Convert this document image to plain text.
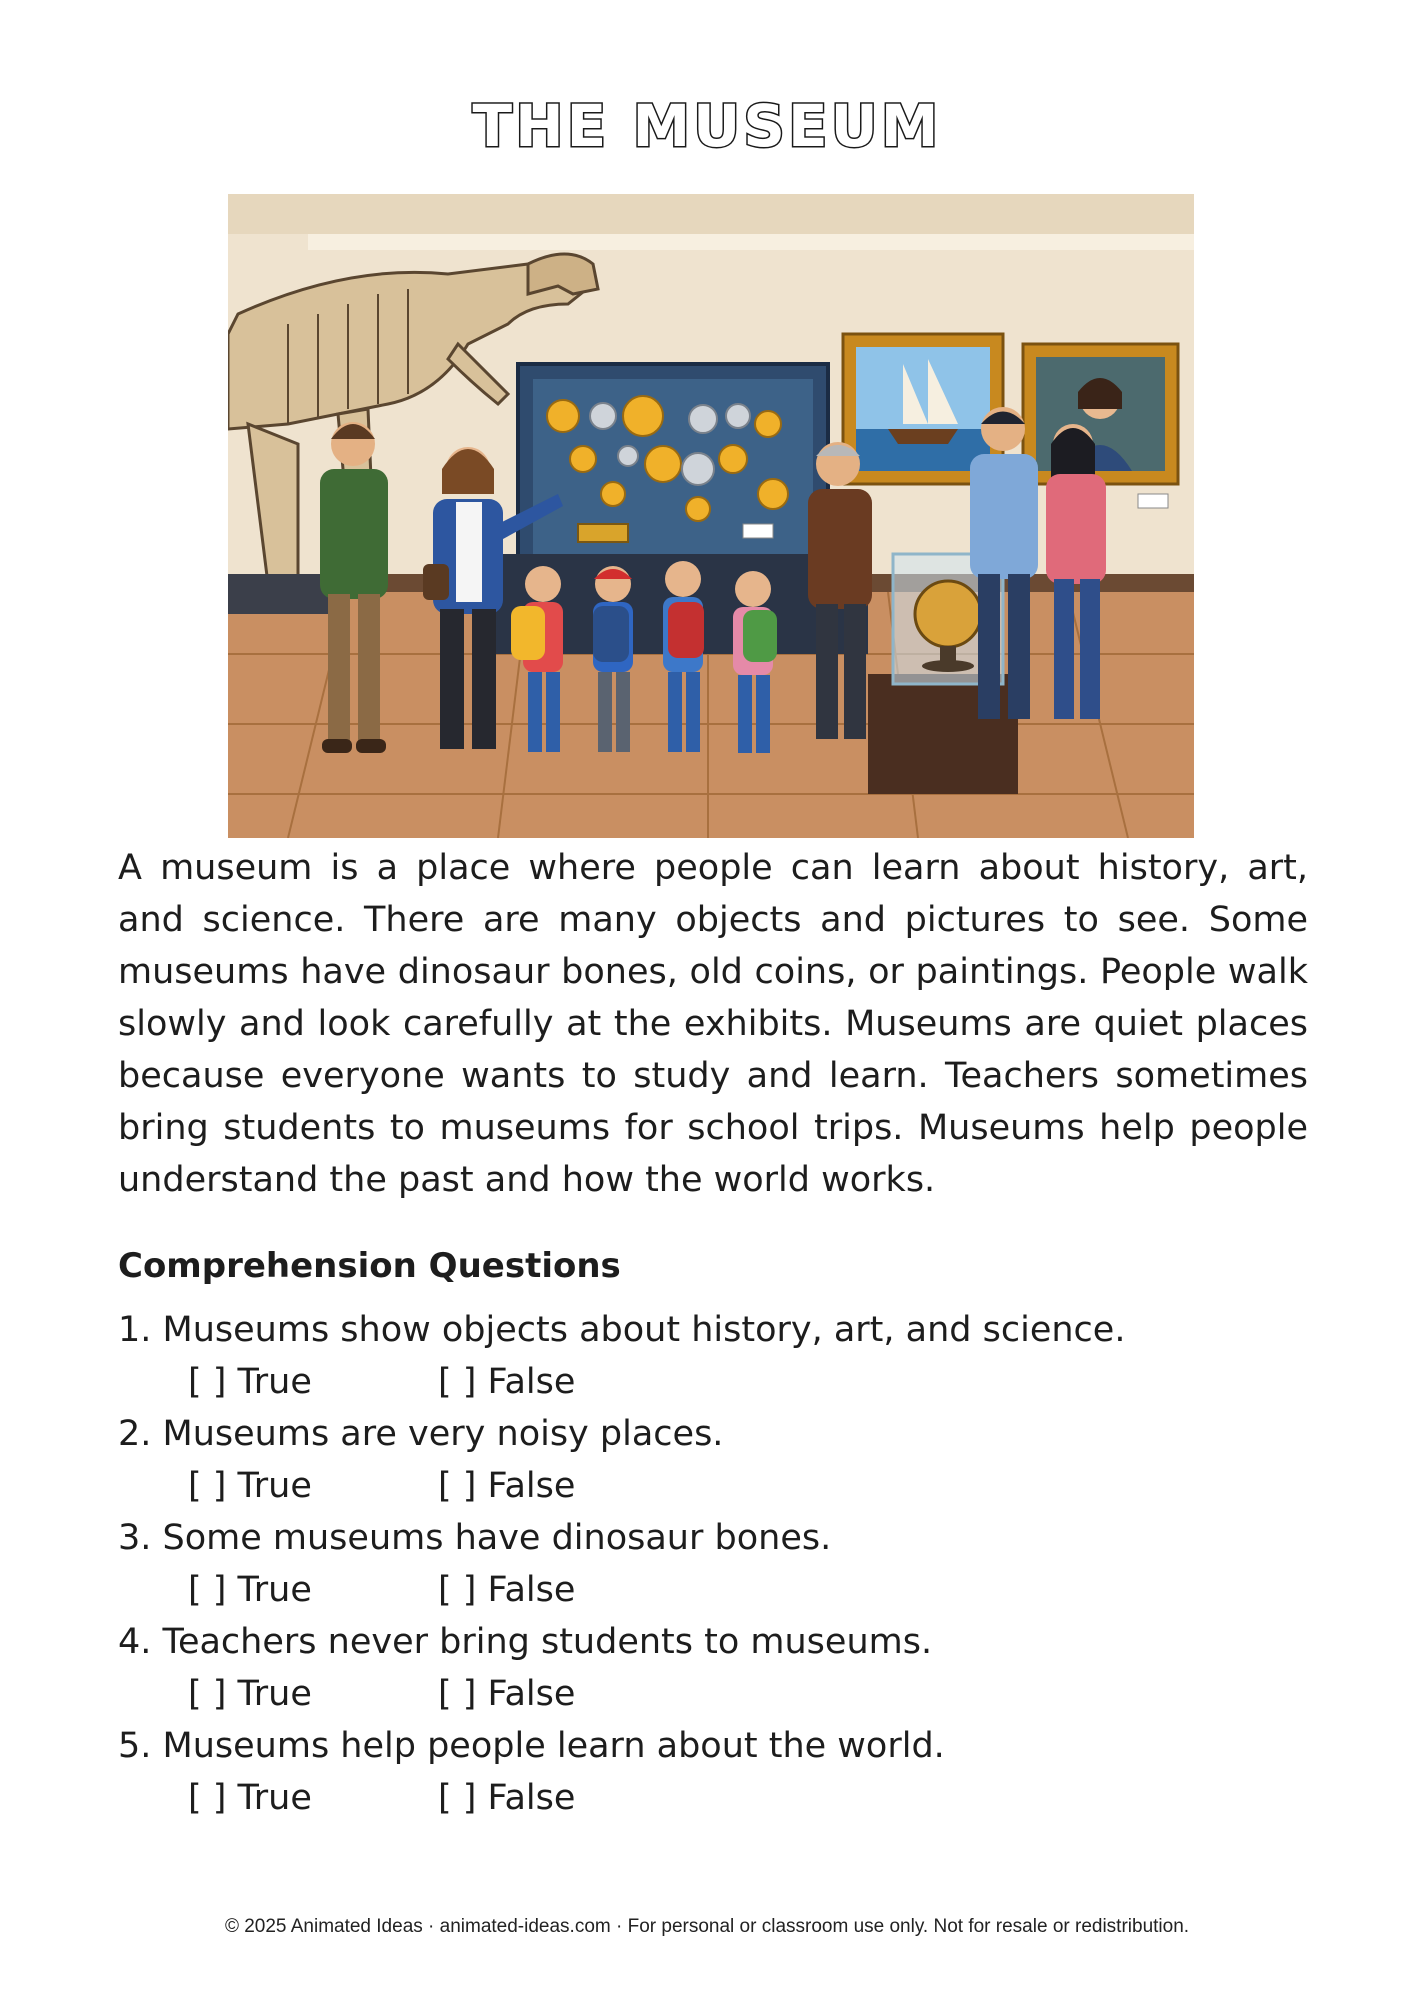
THE MUSEUM

A museum is a place where people can learn about history, art, and science. There are many objects and pictures to see. Some museums have dinosaur bones, old coins, or paintings. People walk slowly and look carefully at the exhibits. Museums are quiet places because everyone wants to study and learn. Teachers sometimes bring students to museums for school trips. Museums help people understand the past and how the world works.

Comprehension Questions
1. Museums show objects about history, art, and science.
[ ] True	[ ] False
2. Museums are very noisy places.
[ ] True	[ ] False
3. Some museums have dinosaur bones.
[ ] True	[ ] False
4. Teachers never bring students to museums.
[ ] True	[ ] False
5. Museums help people learn about the world.
[ ] True	[ ] False
© 2025 Animated Ideas · animated-ideas.com · For personal or classroom use only. Not for resale or redistribution.
